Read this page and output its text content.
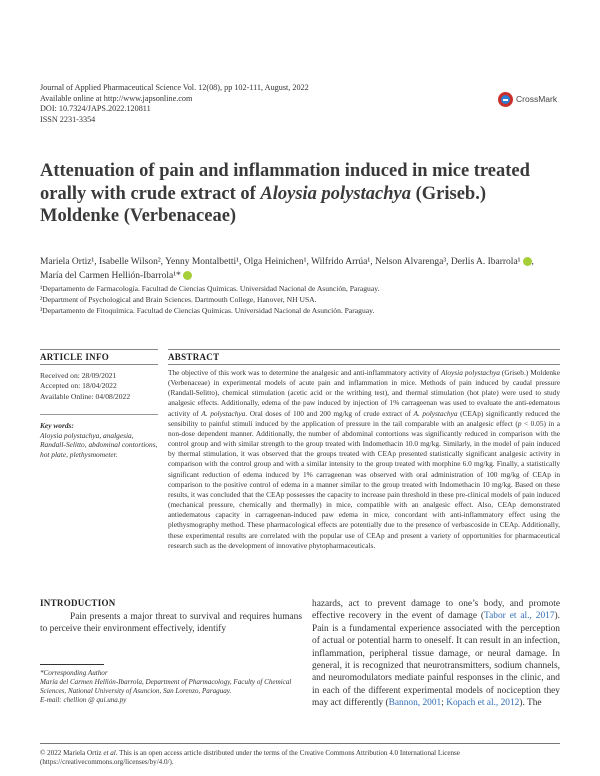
Journal of Applied Pharmaceutical Science Vol. 12(08), pp 102-111, August, 2022
Available online at http://www.japsonline.com
DOI: 10.7324/JAPS.2022.120811
ISSN 2231-3354
CrossMark
Attenuation of pain and inflammation induced in mice treated orally with crude extract of Aloysia polystachya (Griseb.) Moldenke (Verbenaceae)
Mariela Ortiz¹, Isabelle Wilson², Yenny Montalbetti¹, Olga Heinichen¹, Wilfrido Arrúa¹, Nelson Alvarenga³, Derlis A. Ibarrola¹ ,
María del Carmen Hellión-Ibarrola¹*
¹Departamento de Farmacología. Facultad de Ciencias Químicas. Universidad Nacional de Asunción, Paraguay.
²Department of Psychological and Brain Sciences. Dartmouth College, Hanover, NH USA.
³Departamento de Fitoquímica. Facultad de Ciencias Químicas. Universidad Nacional de Asunción. Paraguay.
ARTICLE INFO
Received on: 28/09/2021
Accepted on: 18/04/2022
Available Online: 04/08/2022
Key words:
Aloysia polystachya, analgesia, Randall-Selitto, abdominal contortions, hot plate, plethysmometer.
ABSTRACT
The objective of this work was to determine the analgesic and anti-inflammatory activity of Aloysia polystachya (Griseb.) Moldenke (Verbenaceae) in experimental models of acute pain and inflammation in mice. Methods of pain induced by caudal pressure (Randall-Selitto), chemical stimulation (acetic acid or the writhing test), and thermal stimulation (hot plate) were used to study analgesic effects. Additionally, edema of the paw induced by injection of 1% carrageenan was used to evaluate the anti-edematous activity of A. polystachya. Oral doses of 100 and 200 mg/kg of crude extract of A. polystachya (CEAp) significantly reduced the sensibility to painful stimuli induced by the application of pressure in the tail comparable with an analgesic effect (p < 0.05) in a non-dose dependent manner. Additionally, the number of abdominal contortions was significantly reduced in comparison with the control group and with similar strength to the group treated with Indomethacin 10.0 mg/kg. Similarly, in the model of pain induced by thermal stimulation, it was observed that the groups treated with CEAp presented statistically significant analgesic activity in comparison with the control group and with a similar intensity to the group treated with morphine 6.0 mg/kg. Finally, a statistically significant reduction of edema induced by 1% carrageenan was observed with oral administration of 100 mg/kg of CEAp in comparison to the positive control of edema in a manner similar to the group treated with Indomethacin 10 mg/kg. Based on these results, it was concluded that the CEAp possesses the capacity to increase pain threshold in these pre-clinical models of pain induced (mechanical pressure, chemically and thermally) in mice, compatible with an analgesic effect. Also, CEAp demonstrated antiedematous capacity in carrageenan-induced paw edema in mice, concordant with anti-inflammatory effect using the plethysmography method. These pharmacological effects are potentially due to the presence of verbascoside in CEAp. Additionally, these experimental results are correlated with the popular use of CEAp and present a variety of opportunities for pharmaceutical research such as the development of innovative phytopharmaceuticals.
INTRODUCTION
Pain presents a major threat to survival and requires humans to perceive their environment effectively, identify
hazards, act to prevent damage to one’s body, and promote effective recovery in the event of damage (Tabor et al., 2017). Pain is a fundamental experience associated with the perception of actual or potential harm to oneself. It can result in an infection, inflammation, peripheral tissue damage, or neural damage. In general, it is recognized that neurotransmitters, sodium channels, and neuromodulators mediate painful responses in the clinic, and in each of the different experimental models of nociception they may act differently (Bannon, 2001; Kopach et al., 2012). The
*Corresponding Author
María del Carmen Hellión-Ibarrola, Department of Pharmacology, Faculty of Chemical Sciences, National University of Asuncion, San Lorenzo, Paraguay.
E-mail: chellion @ qui.una.py
© 2022 Mariela Ortiz et al. This is an open access article distributed under the terms of the Creative Commons Attribution 4.0 International License (https://creativecommons.org/licenses/by/4.0/).
